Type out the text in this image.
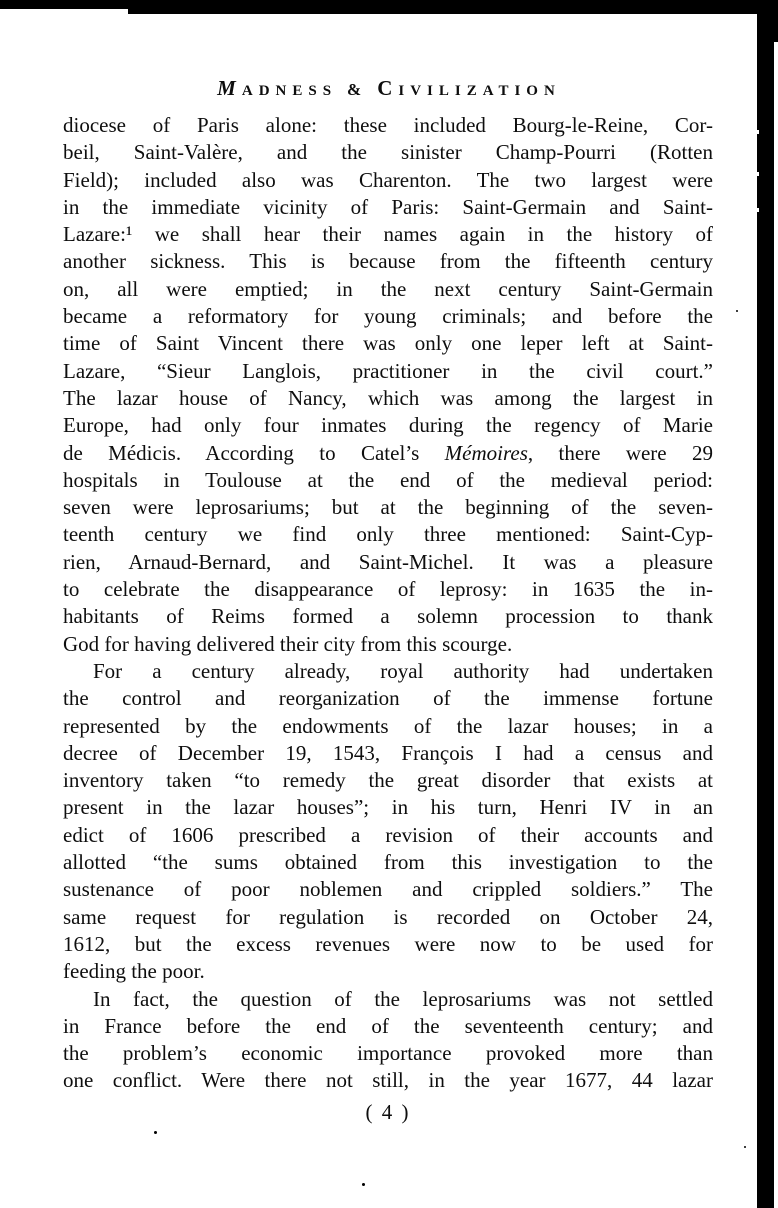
MADNESS & CIVILIZATION
diocese of Paris alone: these included Bourg-le-Reine, Cor-
beil, Saint-Valère, and the sinister Champ-Pourri (Rotten
Field); included also was Charenton. The two largest were
in the immediate vicinity of Paris: Saint-Germain and Saint-
Lazare:¹ we shall hear their names again in the history of
another sickness. This is because from the fifteenth century
on, all were emptied; in the next century Saint-Germain
became a reformatory for young criminals; and before the
time of Saint Vincent there was only one leper left at Saint-
Lazare, “Sieur Langlois, practitioner in the civil court.”
The lazar house of Nancy, which was among the largest in
Europe, had only four inmates during the regency of Marie
de Médicis. According to Catel’s Mémoires, there were 29
hospitals in Toulouse at the end of the medieval period:
seven were leprosariums; but at the beginning of the seven-
teenth century we find only three mentioned: Saint-Cyp-
rien, Arnaud-Bernard, and Saint-Michel. It was a pleasure
to celebrate the disappearance of leprosy: in 1635 the in-
habitants of Reims formed a solemn procession to thank
God for having delivered their city from this scourge.
For a century already, royal authority had undertaken
the control and reorganization of the immense fortune
represented by the endowments of the lazar houses; in a
decree of December 19, 1543, François I had a census and
inventory taken “to remedy the great disorder that exists at
present in the lazar houses”; in his turn, Henri IV in an
edict of 1606 prescribed a revision of their accounts and
allotted “the sums obtained from this investigation to the
sustenance of poor noblemen and crippled soldiers.” The
same request for regulation is recorded on October 24,
1612, but the excess revenues were now to be used for
feeding the poor.
In fact, the question of the leprosariums was not settled
in France before the end of the seventeenth century; and
the problem’s economic importance provoked more than
one conflict. Were there not still, in the year 1677, 44 lazar
( 4 )
